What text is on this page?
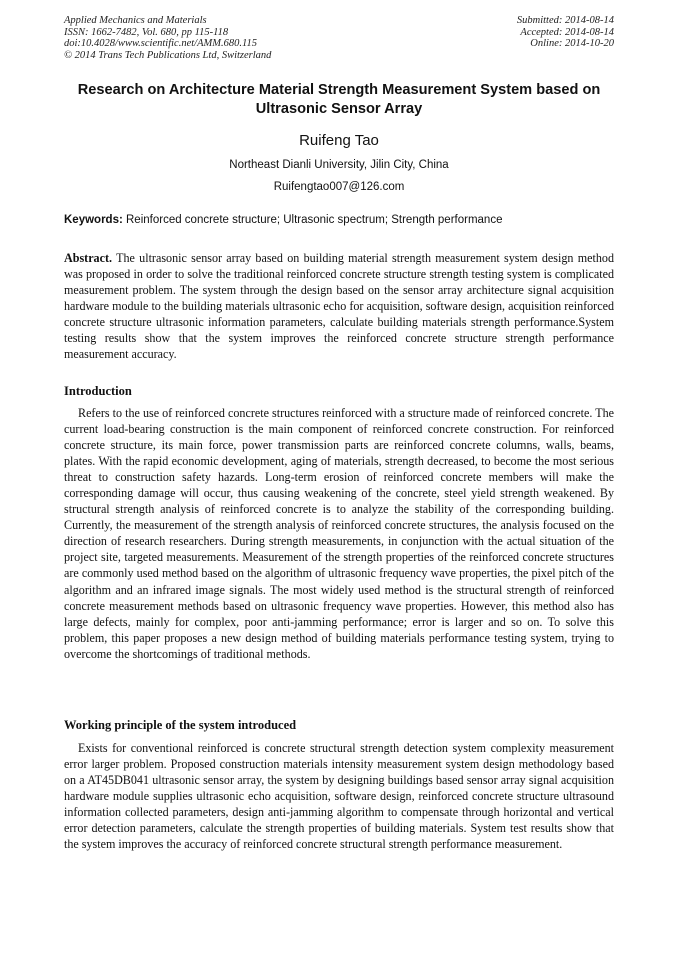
Applied Mechanics and Materials
ISSN: 1662-7482, Vol. 680, pp 115-118
doi:10.4028/www.scientific.net/AMM.680.115
© 2014 Trans Tech Publications Ltd, Switzerland
Submitted: 2014-08-14
Accepted: 2014-08-14
Online: 2014-10-20
Research on Architecture Material Strength Measurement System based on Ultrasonic Sensor Array
Ruifeng Tao
Northeast Dianli University, Jilin City, China
Ruifengtao007@126.com
Keywords: Reinforced concrete structure; Ultrasonic spectrum; Strength performance

Abstract. The ultrasonic sensor array based on building material strength measurement system design method was proposed in order to solve the traditional reinforced concrete structure strength testing system is complicated measurement problem. The system through the design based on the sensor array architecture signal acquisition hardware module to the building materials ultrasonic echo for acquisition, software design, acquisition reinforced concrete structure ultrasonic information parameters, calculate building materials strength performance.System testing results show that the system improves the reinforced concrete structure strength performance measurement accuracy.

Introduction

Refers to the use of reinforced concrete structures reinforced with a structure made of reinforced concrete. The current load-bearing construction is the main component of reinforced concrete construction. For reinforced concrete structure, its main force, power transmission parts are reinforced concrete columns, walls, beams, plates. With the rapid economic development, aging of materials, strength decreased, to become the most serious threat to construction safety hazards. Long-term erosion of reinforced concrete members will make the corresponding damage will occur, thus causing weakening of the concrete, steel yield strength weakened. By structural strength analysis of reinforced concrete is to analyze the stability of the corresponding building. Currently, the measurement of the strength analysis of reinforced concrete structures, the analysis focused on the direction of research researchers. During strength measurements, in conjunction with the actual situation of the project site, targeted measurements. Measurement of the strength properties of the reinforced concrete structures are commonly used method based on the algorithm of ultrasonic frequency wave properties, the pixel pitch of the algorithm and an infrared image signals. The most widely used method is the structural strength of reinforced concrete measurement methods based on ultrasonic frequency wave properties. However, this method also has large defects, mainly for complex, poor anti-jamming performance; error is larger and so on. To solve this problem, this paper proposes a new design method of building materials performance testing system, trying to overcome the shortcomings of traditional methods.

Working principle of the system introduced

Exists for conventional reinforced is concrete structural strength detection system complexity measurement error larger problem. Proposed construction materials intensity measurement system design methodology based on a AT45DB041 ultrasonic sensor array, the system by designing buildings based sensor array signal acquisition hardware module supplies ultrasonic echo acquisition, software design, reinforced concrete structure ultrasound information collected parameters, design anti-jamming algorithm to compensate through horizontal and vertical error detection parameters, calculate the strength properties of building materials. System test results show that the system improves the accuracy of reinforced concrete structural strength performance measurement.
